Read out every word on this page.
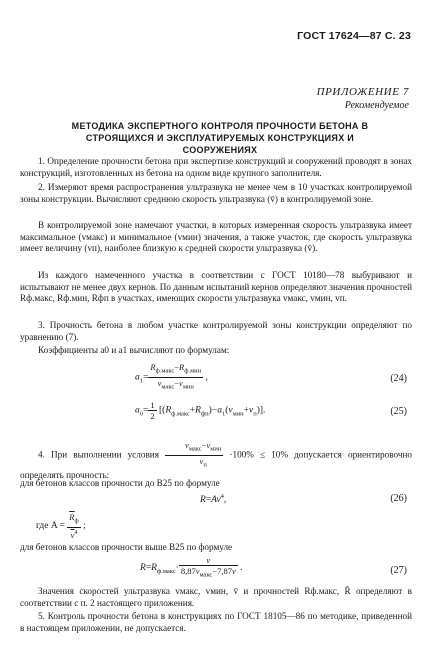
ГОСТ 17624—87 С. 23
ПРИЛОЖЕНИЕ 7
Рекомендуемое
МЕТОДИКА ЭКСПЕРТНОГО КОНТРОЛЯ ПРОЧНОСТИ БЕТОНА В СТРОЯЩИХСЯ И ЭКСПЛУАТИРУЕМЫХ КОНСТРУКЦИЯХ И СООРУЖЕНИЯХ
1. Определение прочности бетона при экспертизе конструкций и сооружений проводят в зонах конструкций, изготовленных из бетона на одном виде крупного заполнителя.
2. Измеряют время распространения ультразвука не менее чем в 10 участках контролируемой зоны конструкции. Вычисляют среднюю скорость ультразвука (v̄) в контролируемой зоне.
В контролируемой зоне намечают участки, в которых измеренная скорость ультразвука имеет максимальное (vмакс) и минимальное (vмин) значения, а также участок, где скорость ультразвука имеет величину (vп), наиболее близкую к средней скорости ультразвука (v̄).
Из каждого намеченного участка в соответствии с ГОСТ 10180—78 выбуривают и испытывают не менее двух кернов. По данным испытаний кернов определяют значения прочностей Rф.макс, Rф.мин, Rфп в участках, имеющих скорости ультразвука vмакс, vмин, vп.
3. Прочность бетона в любом участке контролируемой зоны конструкции определяют по уравнению (7).
Коэффициенты a0 и a1 вычисляют по формулам:
$a_1= \frac{R_{ф.макс}-R_{ф.мин}}{v_{макс}-v_{мин}}$ ,	(24)
$a_0= \frac{1}{2} [(R_{ф.макс}+R_{фп})-a_1(v_{мин}+v_п)]$.	(25)
4. При выполнении условия $\frac{v_{макс}-v_{мин}}{v_п} \cdot 100\% \le 10\%$ допускается ориентировочно определять прочность:
для бетонов классов прочности до В25 по формуле
$R=Av^4$,	(26)
где $A = \frac{\overline{R}_ф}{\overline{v}^4}$ ;
для бетонов классов прочности выше В25 по формуле
$R=R_{ф.макс}\cdot \frac{v}{8,87v_{макс}-7,87v}$ .	(27)
Значения скоростей ультразвука vмакс, vмин, v̄ и прочностей Rф.макс, R̄ определяют в соответствии с п. 2 настоящего приложения.
5. Контроль прочности бетона в конструкциях по ГОСТ 18105—86 по методике, приведенной в настоящем приложении, не допускается.
